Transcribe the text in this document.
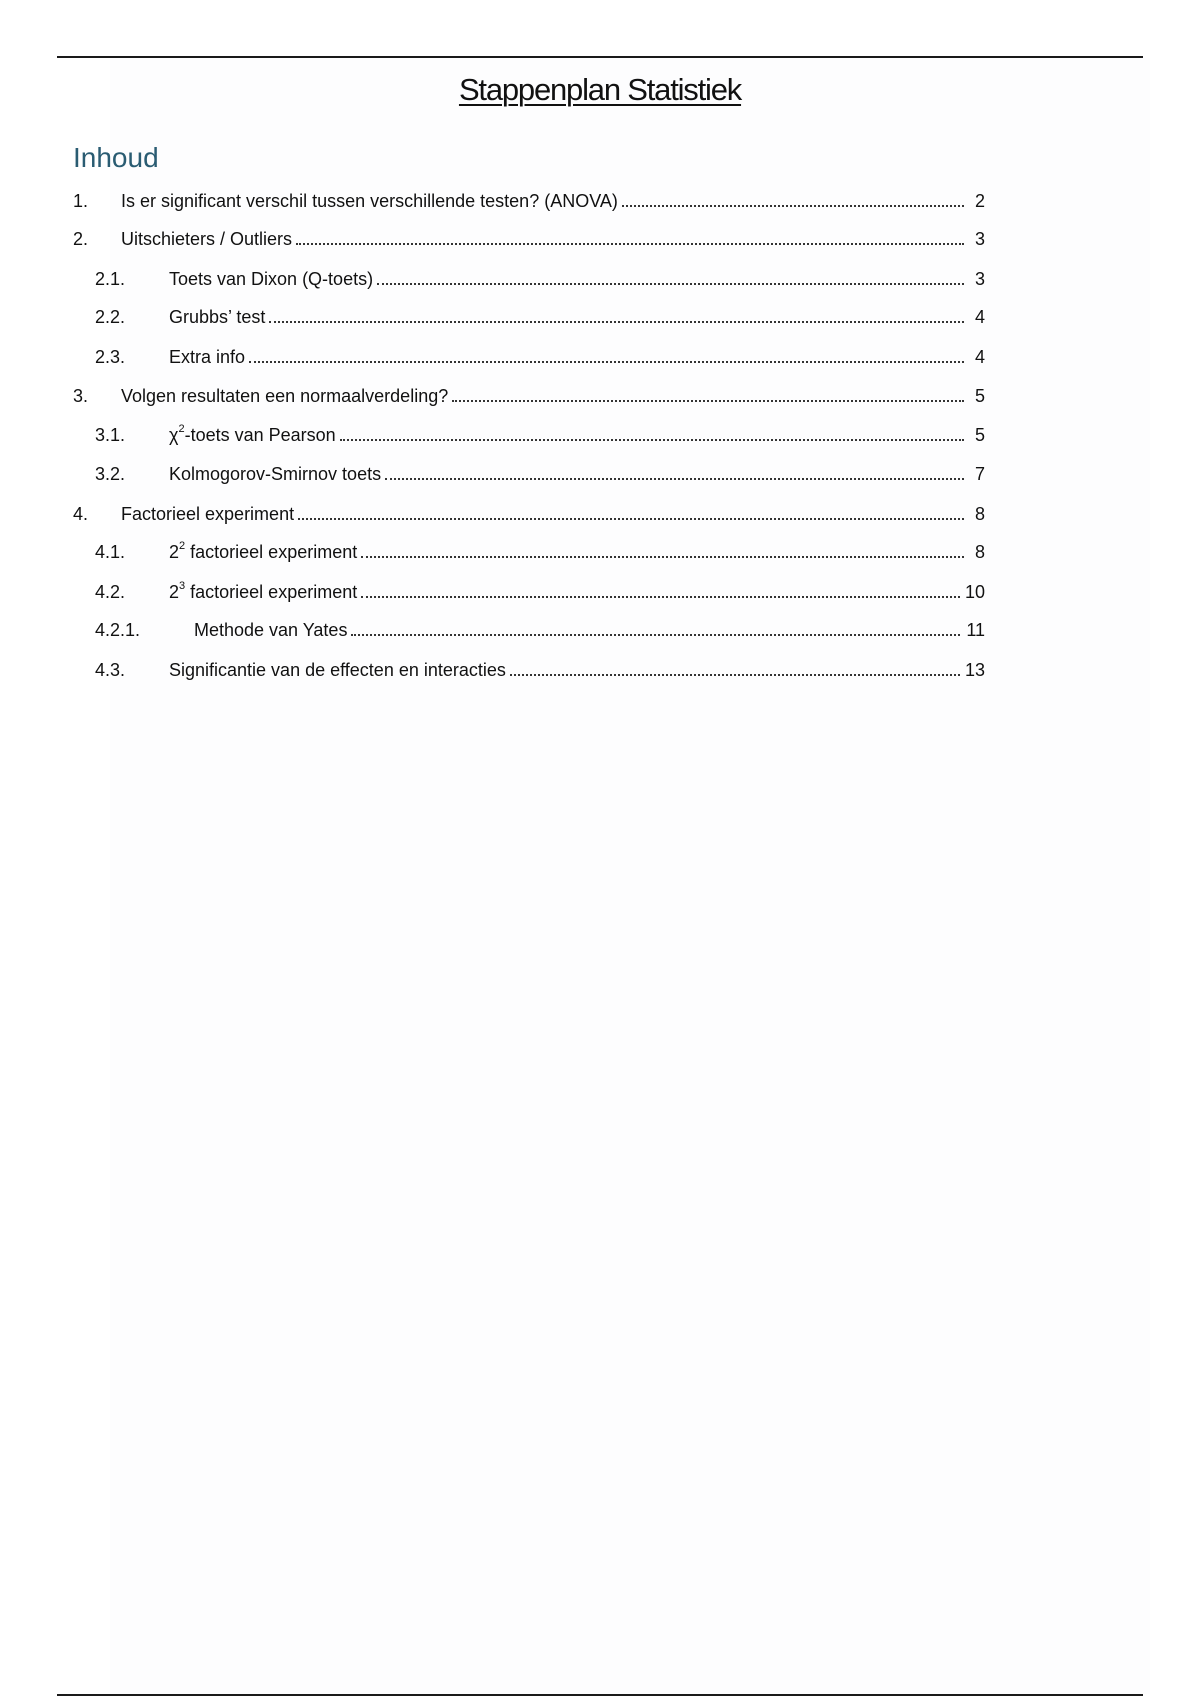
Stappenplan Statistiek
Inhoud
1. Is er significant verschil tussen verschillende testen? (ANOVA)	2
2. Uitschieters / Outliers	3
2.1. Toets van Dixon (Q-toets)	3
2.2. Grubbs’ test	4
2.3. Extra info	4
3. Volgen resultaten een normaalverdeling?	5
3.1. $\chi^2$-toets van Pearson	5
3.2. Kolmogorov-Smirnov toets	7
4. Factorieel experiment	8
4.1. $2^2$ factorieel experiment	8
4.2. $2^3$ factorieel experiment	10
4.2.1.	Methode van Yates	11
4.3. Significantie van de effecten en interacties	13
